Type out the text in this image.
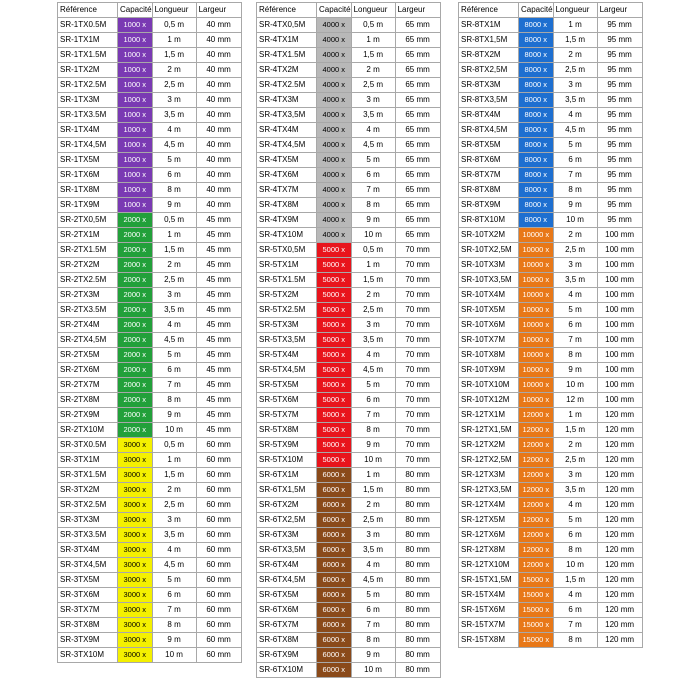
Référence	Capacité	Longueur	Largeur
SR-1TX0.5M	1000 x	0,5 m	40 mm
SR-1TX1M	1000 x	1 m	40 mm
SR-1TX1.5M	1000 x	1,5 m	40 mm
SR-1TX2M	1000 x	2 m	40 mm
SR-1TX2.5M	1000 x	2,5 m	40 mm
SR-1TX3M	1000 x	3 m	40 mm
SR-1TX3.5M	1000 x	3,5 m	40 mm
SR-1TX4M	1000 x	4 m	40 mm
SR-1TX4,5M	1000 x	4,5 m	40 mm
SR-1TX5M	1000 x	5 m	40 mm
SR-1TX6M	1000 x	6 m	40 mm
SR-1TX8M	1000 x	8 m	40 mm
SR-1TX9M	1000 x	9 m	40 mm
SR-2TX0,5M	2000 x	0,5 m	45 mm
SR-2TX1M	2000 x	1 m	45 mm
SR-2TX1.5M	2000 x	1,5 m	45 mm
SR-2TX2M	2000 x	2 m	45 mm
SR-2TX2.5M	2000 x	2,5 m	45 mm
SR-2TX3M	2000 x	3 m	45 mm
SR-2TX3.5M	2000 x	3,5 m	45 mm
SR-2TX4M	2000 x	4 m	45 mm
SR-2TX4,5M	2000 x	4,5 m	45 mm
SR-2TX5M	2000 x	5 m	45 mm
SR-2TX6M	2000 x	6 m	45 mm
SR-2TX7M	2000 x	7 m	45 mm
SR-2TX8M	2000 x	8 m	45 mm
SR-2TX9M	2000 x	9 m	45 mm
SR-2TX10M	2000 x	10 m	45 mm
SR-3TX0.5M	3000 x	0,5 m	60 mm
SR-3TX1M	3000 x	1 m	60 mm
SR-3TX1.5M	3000 x	1,5 m	60 mm
SR-3TX2M	3000 x	2 m	60 mm
SR-3TX2.5M	3000 x	2,5 m	60 mm
SR-3TX3M	3000 x	3 m	60 mm
SR-3TX3.5M	3000 x	3,5 m	60 mm
SR-3TX4M	3000 x	4 m	60 mm
SR-3TX4,5M	3000 x	4,5 m	60 mm
SR-3TX5M	3000 x	5 m	60 mm
SR-3TX6M	3000 x	6 m	60 mm
SR-3TX7M	3000 x	7 m	60 mm
SR-3TX8M	3000 x	8 m	60 mm
SR-3TX9M	3000 x	9 m	60 mm
SR-3TX10M	3000 x	10 m	60 mm
Référence	Capacité	Longueur	Largeur
SR-4TX0,5M	4000 x	0,5 m	65 mm
SR-4TX1M	4000 x	1 m	65 mm
SR-4TX1.5M	4000 x	1,5 m	65 mm
SR-4TX2M	4000 x	2 m	65 mm
SR-4TX2.5M	4000 x	2,5 m	65 mm
SR-4TX3M	4000 x	3 m	65 mm
SR-4TX3,5M	4000 x	3,5 m	65 mm
SR-4TX4M	4000 x	4 m	65 mm
SR-4TX4,5M	4000 x	4,5 m	65 mm
SR-4TX5M	4000 x	5 m	65 mm
SR-4TX6M	4000 x	6 m	65 mm
SR-4TX7M	4000 x	7 m	65 mm
SR-4TX8M	4000 x	8 m	65 mm
SR-4TX9M	4000 x	9 m	65 mm
SR-4TX10M	4000 x	10 m	65 mm
SR-5TX0,5M	5000 x	0,5 m	70 mm
SR-5TX1M	5000 x	1 m	70 mm
SR-5TX1.5M	5000 x	1,5 m	70 mm
SR-5TX2M	5000 x	2 m	70 mm
SR-5TX2.5M	5000 x	2,5 m	70 mm
SR-5TX3M	5000 x	3 m	70 mm
SR-5TX3,5M	5000 x	3,5 m	70 mm
SR-5TX4M	5000 x	4 m	70 mm
SR-5TX4,5M	5000 x	4,5 m	70 mm
SR-5TX5M	5000 x	5 m	70 mm
SR-5TX6M	5000 x	6 m	70 mm
SR-5TX7M	5000 x	7 m	70 mm
SR-5TX8M	5000 x	8 m	70 mm
SR-5TX9M	5000 x	9 m	70 mm
SR-5TX10M	5000 x	10 m	70 mm
SR-6TX1M	6000 x	1 m	80 mm
SR-6TX1,5M	6000 x	1,5 m	80 mm
SR-6TX2M	6000 x	2 m	80 mm
SR-6TX2,5M	6000 x	2,5 m	80 mm
SR-6TX3M	6000 x	3 m	80 mm
SR-6TX3,5M	6000 x	3,5 m	80 mm
SR-6TX4M	6000 x	4 m	80 mm
SR-6TX4,5M	6000 x	4,5 m	80 mm
SR-6TX5M	6000 x	5 m	80 mm
SR-6TX6M	6000 x	6 m	80 mm
SR-6TX7M	6000 x	7 m	80 mm
SR-6TX8M	6000 x	8 m	80 mm
SR-6TX9M	6000 x	9 m	80 mm
SR-6TX10M	6000 x	10 m	80 mm
Référence	Capacité	Longueur	Largeur
SR-8TX1M	8000 x	1 m	95 mm
SR-8TX1,5M	8000 x	1,5 m	95 mm
SR-8TX2M	8000 x	2 m	95 mm
SR-8TX2,5M	8000 x	2,5 m	95 mm
SR-8TX3M	8000 x	3 m	95 mm
SR-8TX3,5M	8000 x	3,5 m	95 mm
SR-8TX4M	8000 x	4 m	95 mm
SR-8TX4,5M	8000 x	4,5 m	95 mm
SR-8TX5M	8000 x	5 m	95 mm
SR-8TX6M	8000 x	6 m	95 mm
SR-8TX7M	8000 x	7 m	95 mm
SR-8TX8M	8000 x	8 m	95 mm
SR-8TX9M	8000 x	9 m	95 mm
SR-8TX10M	8000 x	10 m	95 mm
SR-10TX2M	10000 x	2 m	100 mm
SR-10TX2,5M	10000 x	2,5 m	100 mm
SR-10TX3M	10000 x	3 m	100 mm
SR-10TX3,5M	10000 x	3,5 m	100 mm
SR-10TX4M	10000 x	4 m	100 mm
SR-10TX5M	10000 x	5 m	100 mm
SR-10TX6M	10000 x	6 m	100 mm
SR-10TX7M	10000 x	7 m	100 mm
SR-10TX8M	10000 x	8 m	100 mm
SR-10TX9M	10000 x	9 m	100 mm
SR-10TX10M	10000 x	10 m	100 mm
SR-10TX12M	10000 x	12 m	100 mm
SR-12TX1M	12000 x	1 m	120 mm
SR-12TX1,5M	12000 x	1,5 m	120 mm
SR-12TX2M	12000 x	2 m	120 mm
SR-12TX2,5M	12000 x	2,5 m	120 mm
SR-12TX3M	12000 x	3 m	120 mm
SR-12TX3,5M	12000 x	3,5 m	120 mm
SR-12TX4M	12000 x	4 m	120 mm
SR-12TX5M	12000 x	5 m	120 mm
SR-12TX6M	12000 x	6 m	120 mm
SR-12TX8M	12000 x	8 m	120 mm
SR-12TX10M	12000 x	10 m	120 mm
SR-15TX1,5M	15000 x	1,5 m	120 mm
SR-15TX4M	15000 x	4 m	120 mm
SR-15TX6M	15000 x	6 m	120 mm
SR-15TX7M	15000 x	7 m	120 mm
SR-15TX8M	15000 x	8 m	120 mm
